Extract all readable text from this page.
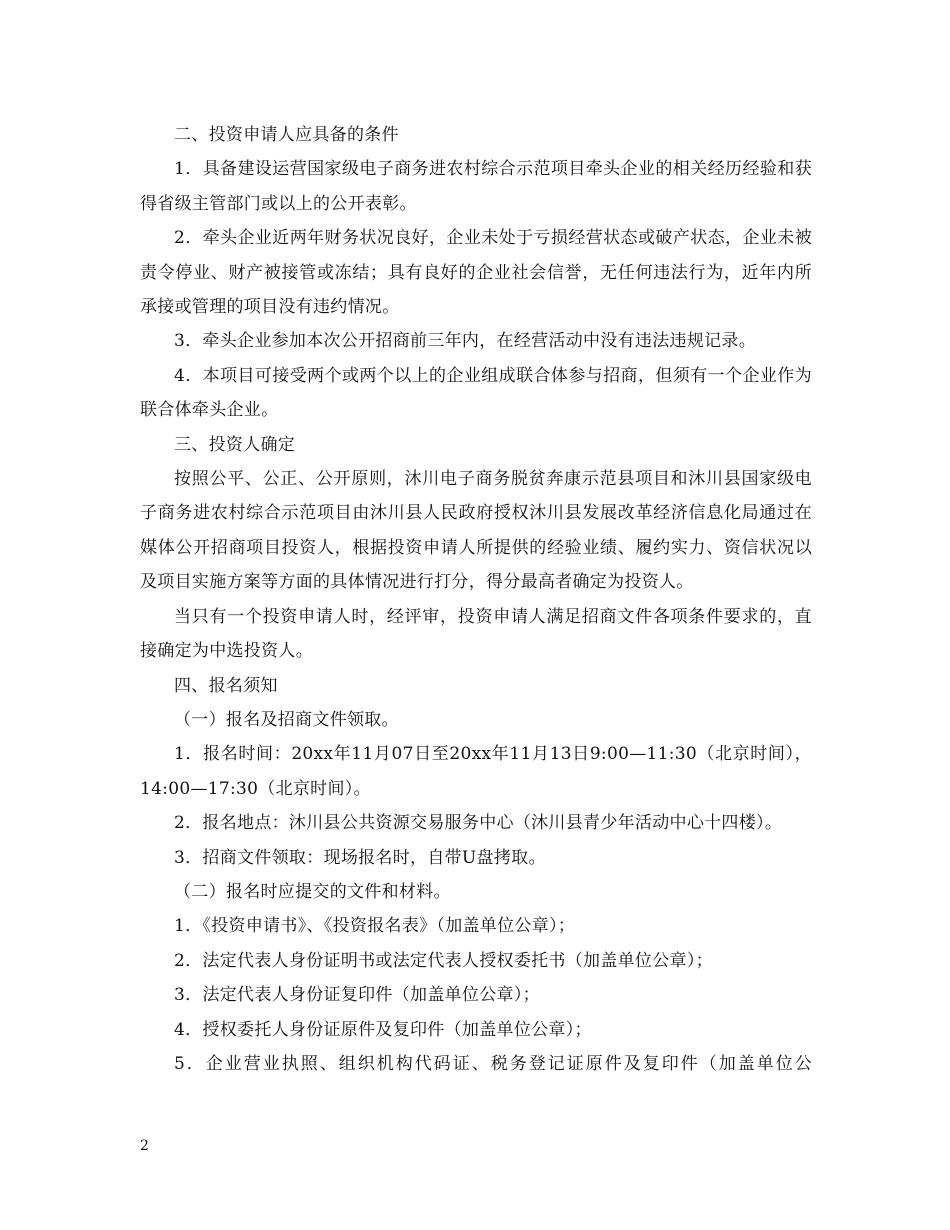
二、投资申请人应具备的条件

1．具备建设运营国家级电子商务进农村综合示范项目牵头企业的相关经历经验和获得省级主管部门或以上的公开表彰。

2．牵头企业近两年财务状况良好，企业未处于亏损经营状态或破产状态，企业未被责令停业、财产被接管或冻结；具有良好的企业社会信誉，无任何违法行为，近年内所承接或管理的项目没有违约情况。

3．牵头企业参加本次公开招商前三年内，在经营活动中没有违法违规记录。

4．本项目可接受两个或两个以上的企业组成联合体参与招商，但须有一个企业作为联合体牵头企业。

三、投资人确定

按照公平、公正、公开原则，沐川电子商务脱贫奔康示范县项目和沐川县国家级电子商务进农村综合示范项目由沐川县人民政府授权沐川县发展改革经济信息化局通过在媒体公开招商项目投资人，根据投资申请人所提供的经验业绩、履约实力、资信状况以及项目实施方案等方面的具体情况进行打分，得分最高者确定为投资人。

当只有一个投资申请人时，经评审，投资申请人满足招商文件各项条件要求的，直接确定为中选投资人。

四、报名须知

（一）报名及招商文件领取。

1．报名时间：20xx年11月07日至20xx年11月13日9:00—11:30（北京时间），14:00—17:30（北京时间）。

2．报名地点：沐川县公共资源交易服务中心（沐川县青少年活动中心十四楼）。

3．招商文件领取：现场报名时，自带U盘拷取。

（二）报名时应提交的文件和材料。

1．《投资申请书》、《投资报名表》（加盖单位公章）；

2．法定代表人身份证明书或法定代表人授权委托书（加盖单位公章）；

3．法定代表人身份证复印件（加盖单位公章）；

4．授权委托人身份证原件及复印件（加盖单位公章）；

5．企业营业执照、组织机构代码证、税务登记证原件及复印件（加盖单位公

2
